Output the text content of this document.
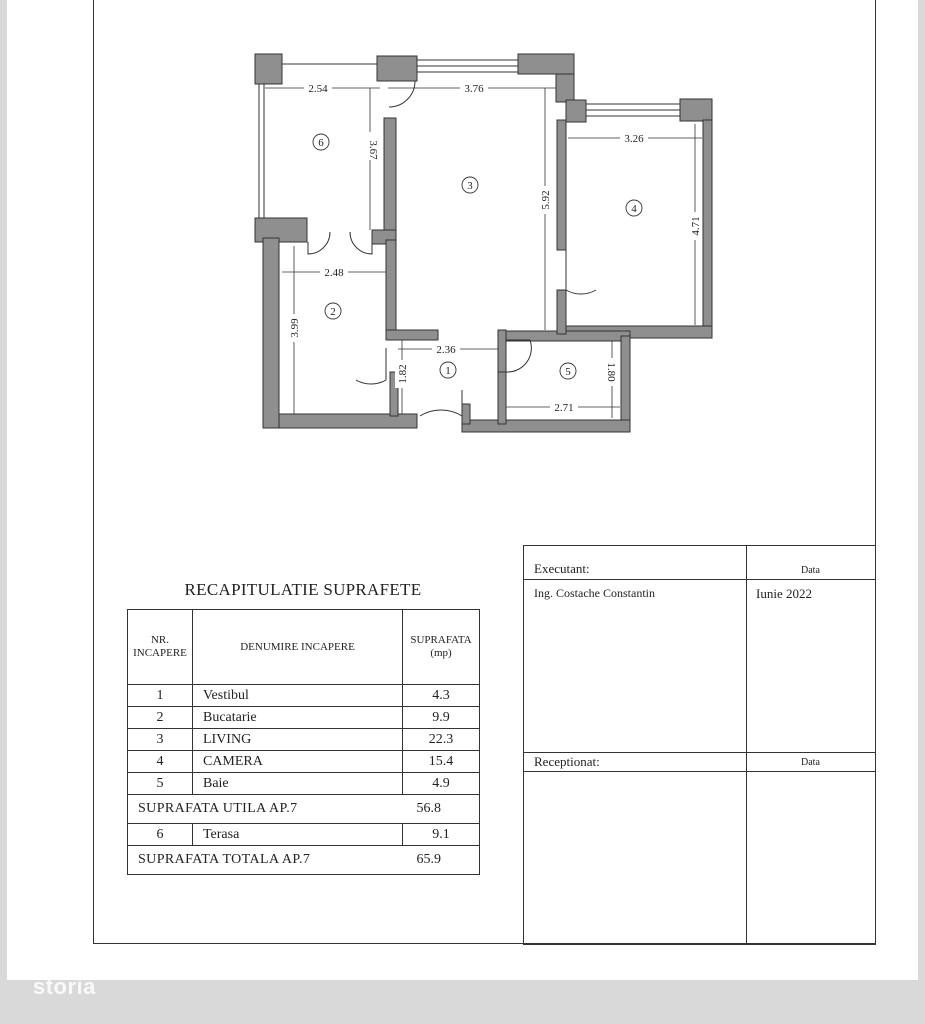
2.54	3.76
3.67
5.92
3.26
4.71
2.48
3.99
2.36
1.82
2.71
1.80
6
3
4
2
1	5
RECAPITULATIE SUPRAFETE
NR. INCAPERE	DENUMIRE INCAPERE	SUPRAFATA (mp)
1	Vestibul	4.3
2	Bucatarie	9.9
3	LIVING	22.3
4	CAMERA	15.4
5	Baie	4.9
SUPRAFATA UTILA AP.7		56.8
6	Terasa	9.1
SUPRAFATA TOTALA AP.7		65.9
Executant:	Data
Ing. Costache Constantin	Iunie 2022
Receptionat:	Data
storia
